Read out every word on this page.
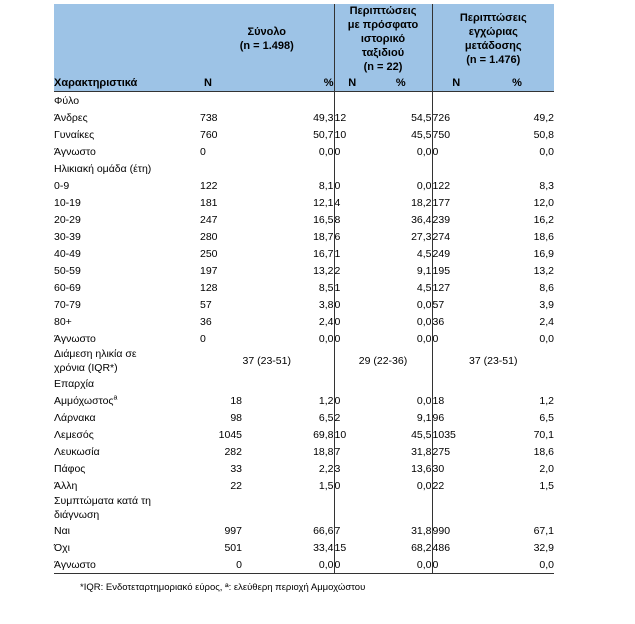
	Σύνολο
(n = 1.498)		Περιπτώσεις
με πρόσφατο
ιστορικό
ταξιδιού
(n = 22)		Περιπτώσεις
εγχώριας
μετάδοσης
(n = 1.476)	
Χαρακτηριστικά	N	%	N	%	N	%
Φύλο						
Άνδρες	738	49,3	12	54,5	726	49,2
Γυναίκες	760	50,7	10	45,5	750	50,8
Άγνωστο	0	0,0	0	0,0	0	0,0
Ηλικιακή ομάδα (έτη)						
0-9	122	8,1	0	0,0	122	8,3
10-19	181	12,1	4	18,2	177	12,0
20-29	247	16,5	8	36,4	239	16,2
30-39	280	18,7	6	27,3	274	18,6
40-49	250	16,7	1	4,5	249	16,9
50-59	197	13,2	2	9,1	195	13,2
60-69	128	8,5	1	4,5	127	8,6
70-79	57	3,8	0	0,0	57	3,9
80+	36	2,4	0	0,0	36	2,4
Άγνωστο	0	0,0	0	0,0	0	0,0
Διάμεση ηλικία σε
χρόνια (IQR*)	37 (23-51)		29 (22-36)		37 (23-51)	
Επαρχία						
Αμμόχωστος$^a$	18	1,2	0	0,0	18	1,2
Λάρνακα	98	6,5	2	9,1	96	6,5
Λεμεσός	1045	69,8	10	45,5	1035	70,1
Λευκωσία	282	18,8	7	31,8	275	18,6
Πάφος	33	2,2	3	13,6	30	2,0
Άλλη	22	1,5	0	0,0	22	1,5
Συμπτώματα κατά τη
διάγνωση						
Ναι	997	66,6	7	31,8	990	67,1
Όχι	501	33,4	15	68,2	486	32,9
Άγνωστο	0	0,0	0	0,0	0	0,0
*IQR: Ενδοτεταρτημοριακό εύρος, ª: ελεύθερη περιοχή Αμμοχώστου
